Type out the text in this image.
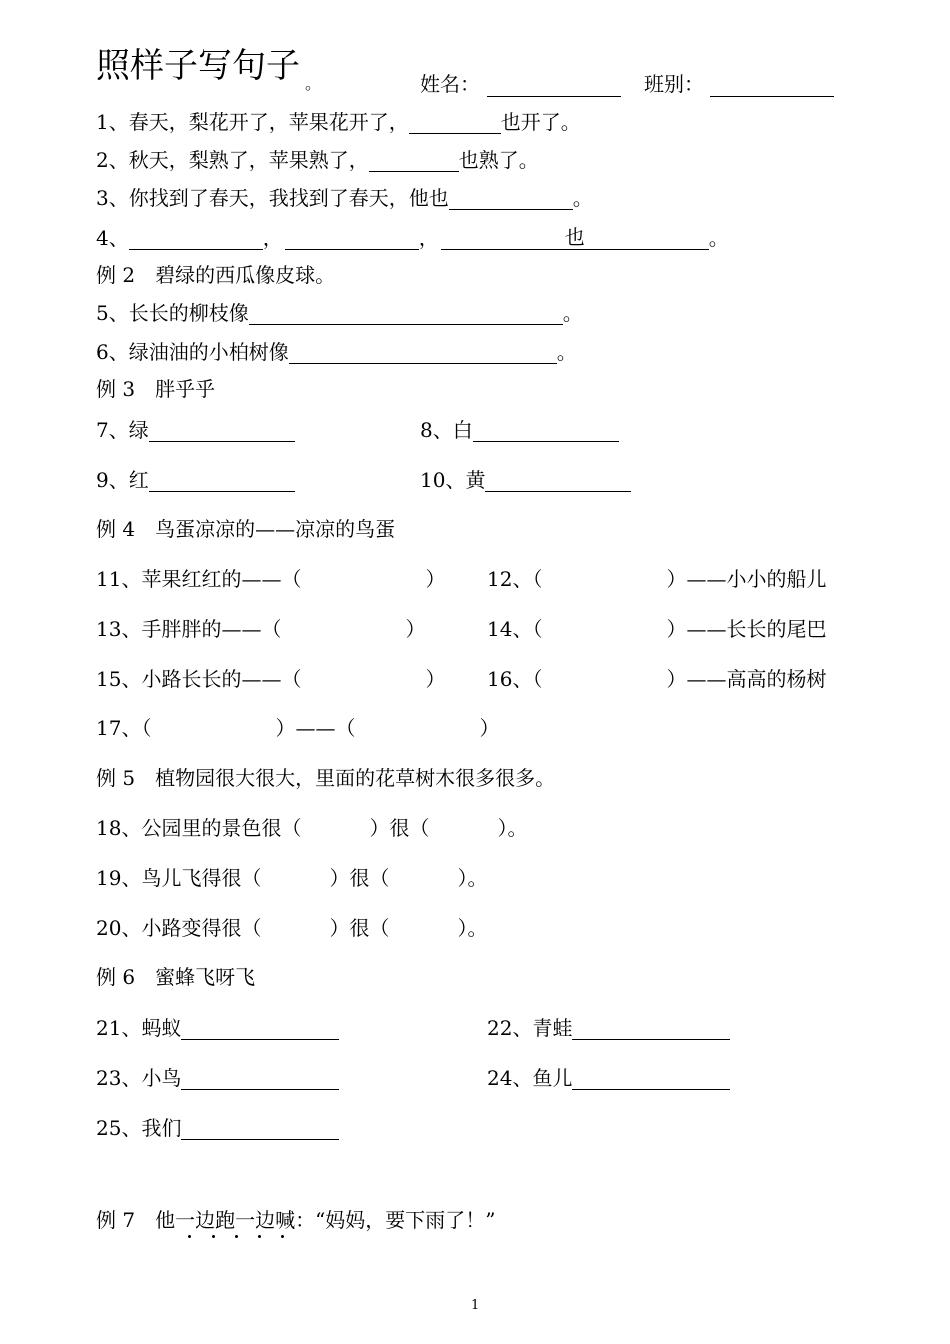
照样子写句子 。	姓名：	班别：
1、春天，梨花开了，苹果花开了，	也开了。
2、秋天，梨熟了，苹果熟了，	也熟了。
3、你找到了春天，我找到了春天，他也	。
4、	，	，	也	。
例 2　碧绿的西瓜像皮球。
5、长长的柳枝像	。
6、绿油油的小柏树像	。
例 3　胖乎乎
7、绿	8、白
9、红	10、黄
例 4　鸟蛋凉凉的——凉凉的鸟蛋
11、苹果红红的——（	） 12、（	）——小小的船儿
13、手胖胖的——（	）	14、（	）——长长的尾巴
15、小路长长的——（	） 16、（	）——高高的杨树
17、（	）——（	）
例 5　植物园很大很大，里面的花草树木很多很多。
18、公园里的景色很（	）很（	）。
19、鸟儿飞得很（	）很（	）。
20、小路变得很（	）很（	）。
例 6　蜜蜂飞呀飞
21、蚂蚁	22、青蛙
23、小鸟	24、鱼儿
25、我们
例 7　他一边跑一边喊：“妈妈，要下雨了！”
1
